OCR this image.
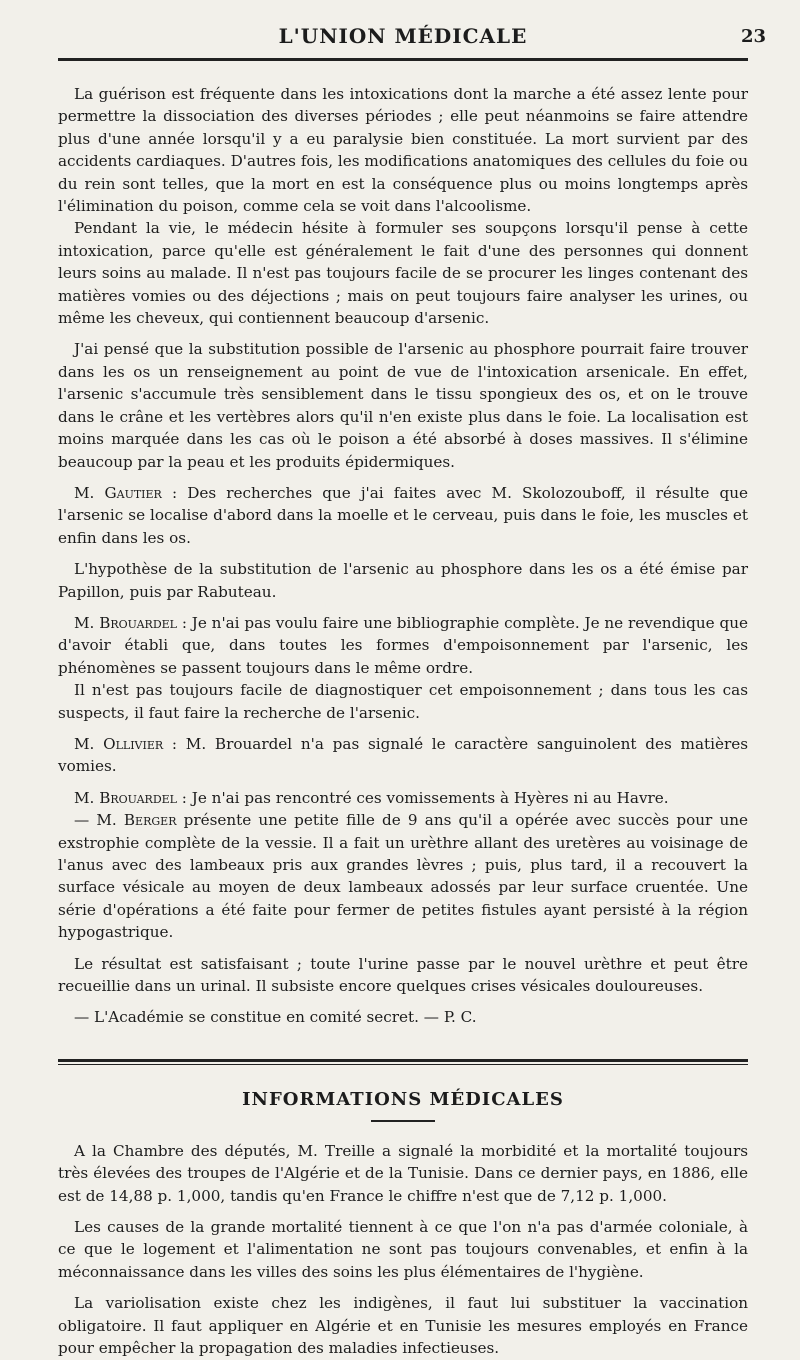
L'UNION MÉDICALE	23

La guérison est fréquente dans les intoxications dont la marche a été assez lente pour permettre la dissociation des diverses périodes ; elle peut néanmoins se faire attendre plus d'une année lorsqu'il y a eu paralysie bien constituée. La mort survient par des accidents cardiaques. D'autres fois, les modifications anatomiques des cellules du foie ou du rein sont telles, que la mort en est la conséquence plus ou moins longtemps après l'élimination du poison, comme cela se voit dans l'alcoolisme.

Pendant la vie, le médecin hésite à formuler ses soupçons lorsqu'il pense à cette intoxication, parce qu'elle est généralement le fait d'une des personnes qui donnent leurs soins au malade. Il n'est pas toujours facile de se procurer les linges contenant des matières vomies ou des déjections ; mais on peut toujours faire analyser les urines, ou même les cheveux, qui contiennent beaucoup d'arsenic.

J'ai pensé que la substitution possible de l'arsenic au phosphore pourrait faire trouver dans les os un renseignement au point de vue de l'intoxication arsenicale. En effet, l'arsenic s'accumule très sensiblement dans le tissu spongieux des os, et on le trouve dans le crâne et les vertèbres alors qu'il n'en existe plus dans le foie. La localisation est moins marquée dans les cas où le poison a été absorbé à doses massives. Il s'élimine beaucoup par la peau et les produits épidermiques.

M. Gautier : Des recherches que j'ai faites avec M. Skolozouboff, il résulte que l'arsenic se localise d'abord dans la moelle et le cerveau, puis dans le foie, les muscles et enfin dans les os.

L'hypothèse de la substitution de l'arsenic au phosphore dans les os a été émise par Papillon, puis par Rabuteau.

M. Brouardel : Je n'ai pas voulu faire une bibliographie complète. Je ne revendique que d'avoir établi que, dans toutes les formes d'empoisonnement par l'arsenic, les phénomènes se passent toujours dans le même ordre.

Il n'est pas toujours facile de diagnostiquer cet empoisonnement ; dans tous les cas suspects, il faut faire la recherche de l'arsenic.

M. Ollivier : M. Brouardel n'a pas signalé le caractère sanguinolent des matières vomies.

M. Brouardel : Je n'ai pas rencontré ces vomissements à Hyères ni au Havre.

— M. Berger présente une petite fille de 9 ans qu'il a opérée avec succès pour une exstrophie complète de la vessie. Il a fait un urèthre allant des uretères au voisinage de l'anus avec des lambeaux pris aux grandes lèvres ; puis, plus tard, il a recouvert la surface vésicale au moyen de deux lambeaux adossés par leur surface cruentée. Une série d'opérations a été faite pour fermer de petites fistules ayant persisté à la région hypogastrique.

Le résultat est satisfaisant ; toute l'urine passe par le nouvel urèthre et peut être recueillie dans un urinal. Il subsiste encore quelques crises vésicales douloureuses.

— L'Académie se constitue en comité secret. — P. C.

INFORMATIONS MÉDICALES

A la Chambre des députés, M. Treille a signalé la morbidité et la mortalité toujours très élevées des troupes de l'Algérie et de la Tunisie. Dans ce dernier pays, en 1886, elle est de 14,88 p. 1,000, tandis qu'en France le chiffre n'est que de 7,12 p. 1,000.

Les causes de la grande mortalité tiennent à ce que l'on n'a pas d'armée coloniale, à ce que le logement et l'alimentation ne sont pas toujours convenables, et enfin à la méconnaissance dans les villes des soins les plus élémentaires de l'hygiène.

La variolisation existe chez les indigènes, il faut lui substituer la vaccination obligatoire. Il faut appliquer en Algérie et en Tunisie les mesures employés en France pour empêcher la propagation des maladies infectieuses.
